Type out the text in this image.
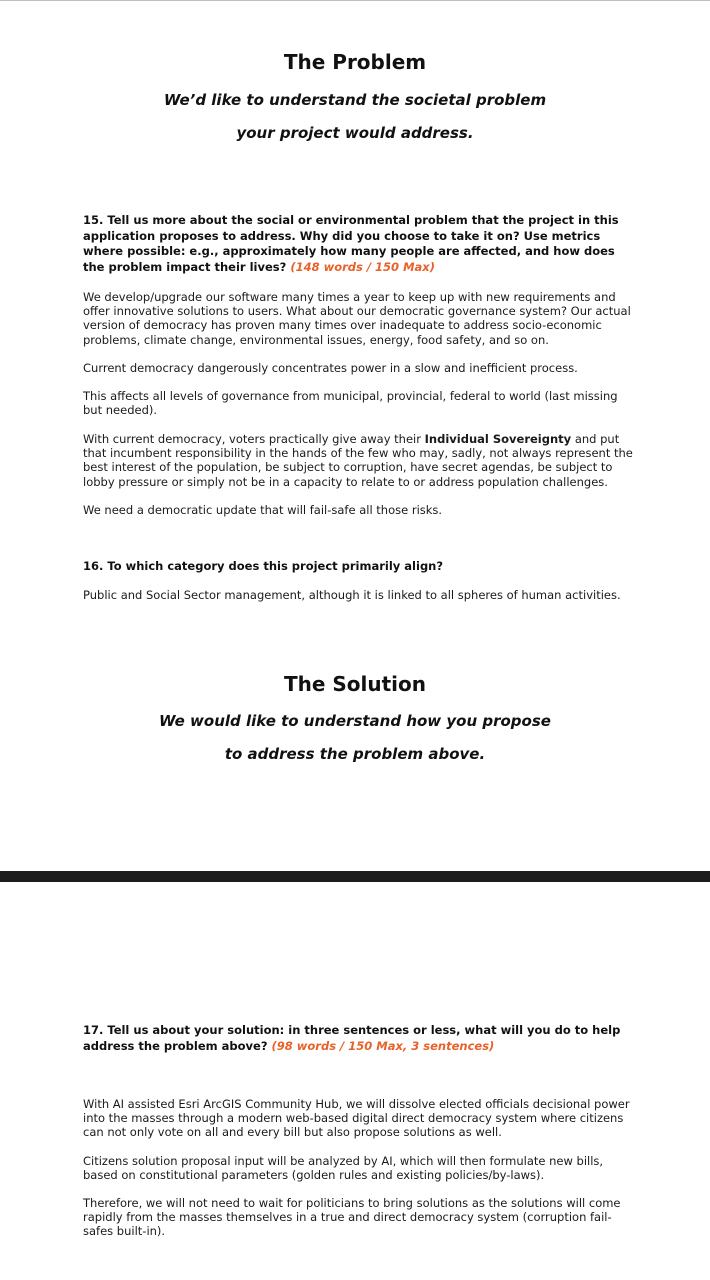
The Problem

We’d like to understand the societal problem

your project would address.

15. Tell us more about the social or environmental problem that the project in this application proposes to address. Why did you choose to take it on? Use metrics where possible: e.g., approximately how many people are affected, and how does the problem impact their lives? (148 words / 150 Max)

We develop/upgrade our software many times a year to keep up with new requirements and offer innovative solutions to users. What about our democratic governance system? Our actual version of democracy has proven many times over inadequate to address socio-economic problems, climate change, environmental issues, energy, food safety, and so on.

Current democracy dangerously concentrates power in a slow and inefficient process.

This affects all levels of governance from municipal, provincial, federal to world (last missing but needed).

With current democracy, voters practically give away their Individual Sovereignty and put that incumbent responsibility in the hands of the few who may, sadly, not always represent the best interest of the population, be subject to corruption, have secret agendas, be subject to lobby pressure or simply not be in a capacity to relate to or address population challenges.

We need a democratic update that will fail-safe all those risks.

16. To which category does this project primarily align?

Public and Social Sector management, although it is linked to all spheres of human activities.

The Solution

We would like to understand how you propose

to address the problem above.

17. Tell us about your solution: in three sentences or less, what will you do to help address the problem above? (98 words / 150 Max, 3 sentences)

With AI assisted Esri ArcGIS Community Hub, we will dissolve elected officials decisional power into the masses through a modern web-based digital direct democracy system where citizens can not only vote on all and every bill but also propose solutions as well.

Citizens solution proposal input will be analyzed by AI, which will then formulate new bills, based on constitutional parameters (golden rules and existing policies/by-laws).

Therefore, we will not need to wait for politicians to bring solutions as the solutions will come rapidly from the masses themselves in a true and direct democracy system (corruption fail-safes built-in).
